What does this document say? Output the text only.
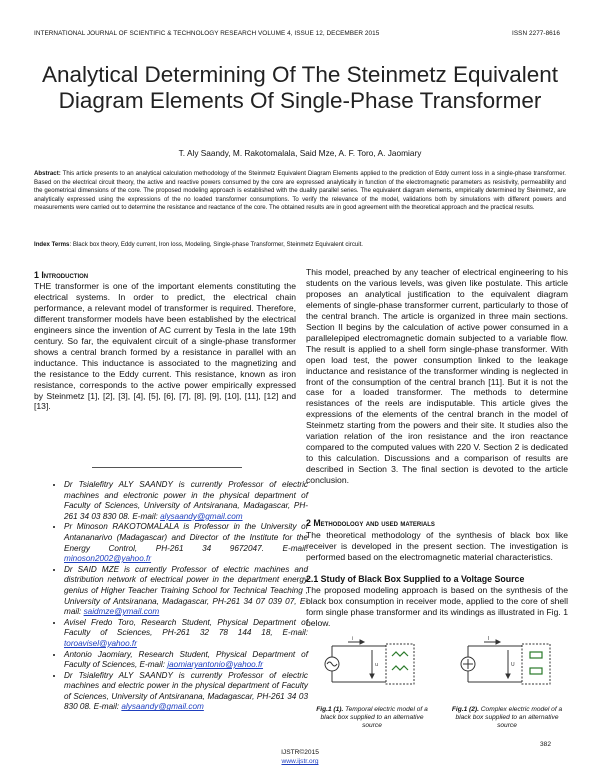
INTERNATIONAL JOURNAL OF SCIENTIFIC & TECHNOLOGY RESEARCH VOLUME 4, ISSUE 12, DECEMBER 2015	ISSN 2277-8616
Analytical Determining Of The Steinmetz Equivalent Diagram Elements Of Single-Phase Transformer
T. Aly Saandy, M. Rakotomalala, Said Mze, A. F. Toro, A. Jaomiary
Abstract: This article presents to an analytical calculation methodology of the Steinmetz Equivalent Diagram Elements applied to the prediction of Eddy current loss in a single-phase transformer. Based on the electrical circuit theory, the active and reactive powers consumed by the core are expressed analytically in function of the electromagnetic parameters as resistivity, permeability and the geometrical dimensions of the core. The proposed modeling approach is established with the duality parallel series. The equivalent diagram elements, empirically determined by Steinmetz, are analytically expressed using the expressions of the no loaded transformer consumptions. To verify the relevance of the model, validations both by simulations with different powers and measurements were carried out to determine the resistance and reactance of the core. The obtained results are in good agreement with the theoretical approach and the practical results.
Index Terms: Black box theory, Eddy current, Iron loss, Modeling, Single-phase Transformer, Steinmetz Equivalent circuit.
1 Introduction
THE transformer is one of the important elements constituting the electrical systems. In order to predict, the electrical chain performance, a relevant model of transformer is required. Therefore, different transformer models have been established by the electrical engineers since the invention of AC current by Tesla in the late 19th century. So far, the equivalent circuit of a single-phase transformer shows a central branch formed by a resistance in parallel with an inductance. This inductance is associated to the magnetizing and the resistance to the Eddy current. This resistance, known as iron resistance, corresponds to the active power empirically expressed by Steinmetz [1], [2], [3], [4], [5], [6], [7], [8], [9], [10], [11], [12] and [13].
• Dr Tsialefitry ALY SAANDY is currently Professor of electric machines and electronic power in the physical department of Faculty of Sciences, University of Antsiranana, Madagascar, PH-261 34 03 830 08. E-mail: alysaandy@gmail.com
• Pr Minoson RAKOTOMALALA is Professor in the University of Antananarivo (Madagascar) and Director of the Institute for the Energy Control, PH-261 34 9672047. E-mail: minoson2002@yahoo.fr
• Dr SAID MZE is currently Professor of electric machines and distribution network of electrical power in the department energy genius of Higher Teacher Training School for Technical Teaching , University of Antsiranana, Madagascar, PH-261 34 07 039 07, E-mail: saidmze@ymail.com
• Avisel Fredo Toro, Research Student, Physical Department of Faculty of Sciences, PH-261 32 78 144 18, E-mail: toroavisel@yahoo.fr
• Antonio Jaomiary, Research Student, Physical Department of Faculty of Sciences, E-mail: jaomiaryantonio@yahoo.fr
• Dr Tsialefitry ALY SAANDY is currently Professor of electric machines and electric power in the physical department of Faculty of Sciences, University of Antsiranana, Madagascar, PH-261 34 03 830 08. E-mail: alysaandy@gmail.com
This model, preached by any teacher of electrical engineering to his students on the various levels, was given like postulate. This article proposes an analytical justification to the equivalent diagram elements of single-phase transformer current, particularly to those of the central branch. The article is organized in three main sections. Section II begins by the calculation of active power consumed in a parallelepiped electromagnetic domain subjected to a variable flow. The result is applied to a shell form single-phase transformer. With open load test, the power consumption linked to the leakage inductance and resistance of the transformer winding is neglected in front of the consumption of the central branch [11]. But it is not the case for a loaded transformer. The methods to determine resistances of the reels are indisputable. This article gives the expressions of the elements of the central branch in the model of Steinmetz starting from the powers and their site. It studies also the variation relation of the iron resistance and the iron reactance compared to the computed values with 220 V. Section 2 is dedicated to this calculation. Discussions and a comparison of results are described in Section 3. The final section is devoted to the article conclusion.
2 Methodology and used materials
The theoretical methodology of the synthesis of black box like receiver is developed in the present section. The investigation is performed based on the electromagnetic material characteristics.
2.1 Study of Black Box Supplied to a Voltage Source
The proposed modeling approach is based on the synthesis of the black box consumption in receiver mode, applied to the core of shell form single phase transformer and its windings as illustrated in Fig. 1 below.
i
u
Fig.1 (1). Temporal electric model of a black box supplied to an alternative source
I
U
Fig.1 (2). Complex electric model of a black box supplied to an alternative source
382
IJSTR©2015
www.ijstr.org
